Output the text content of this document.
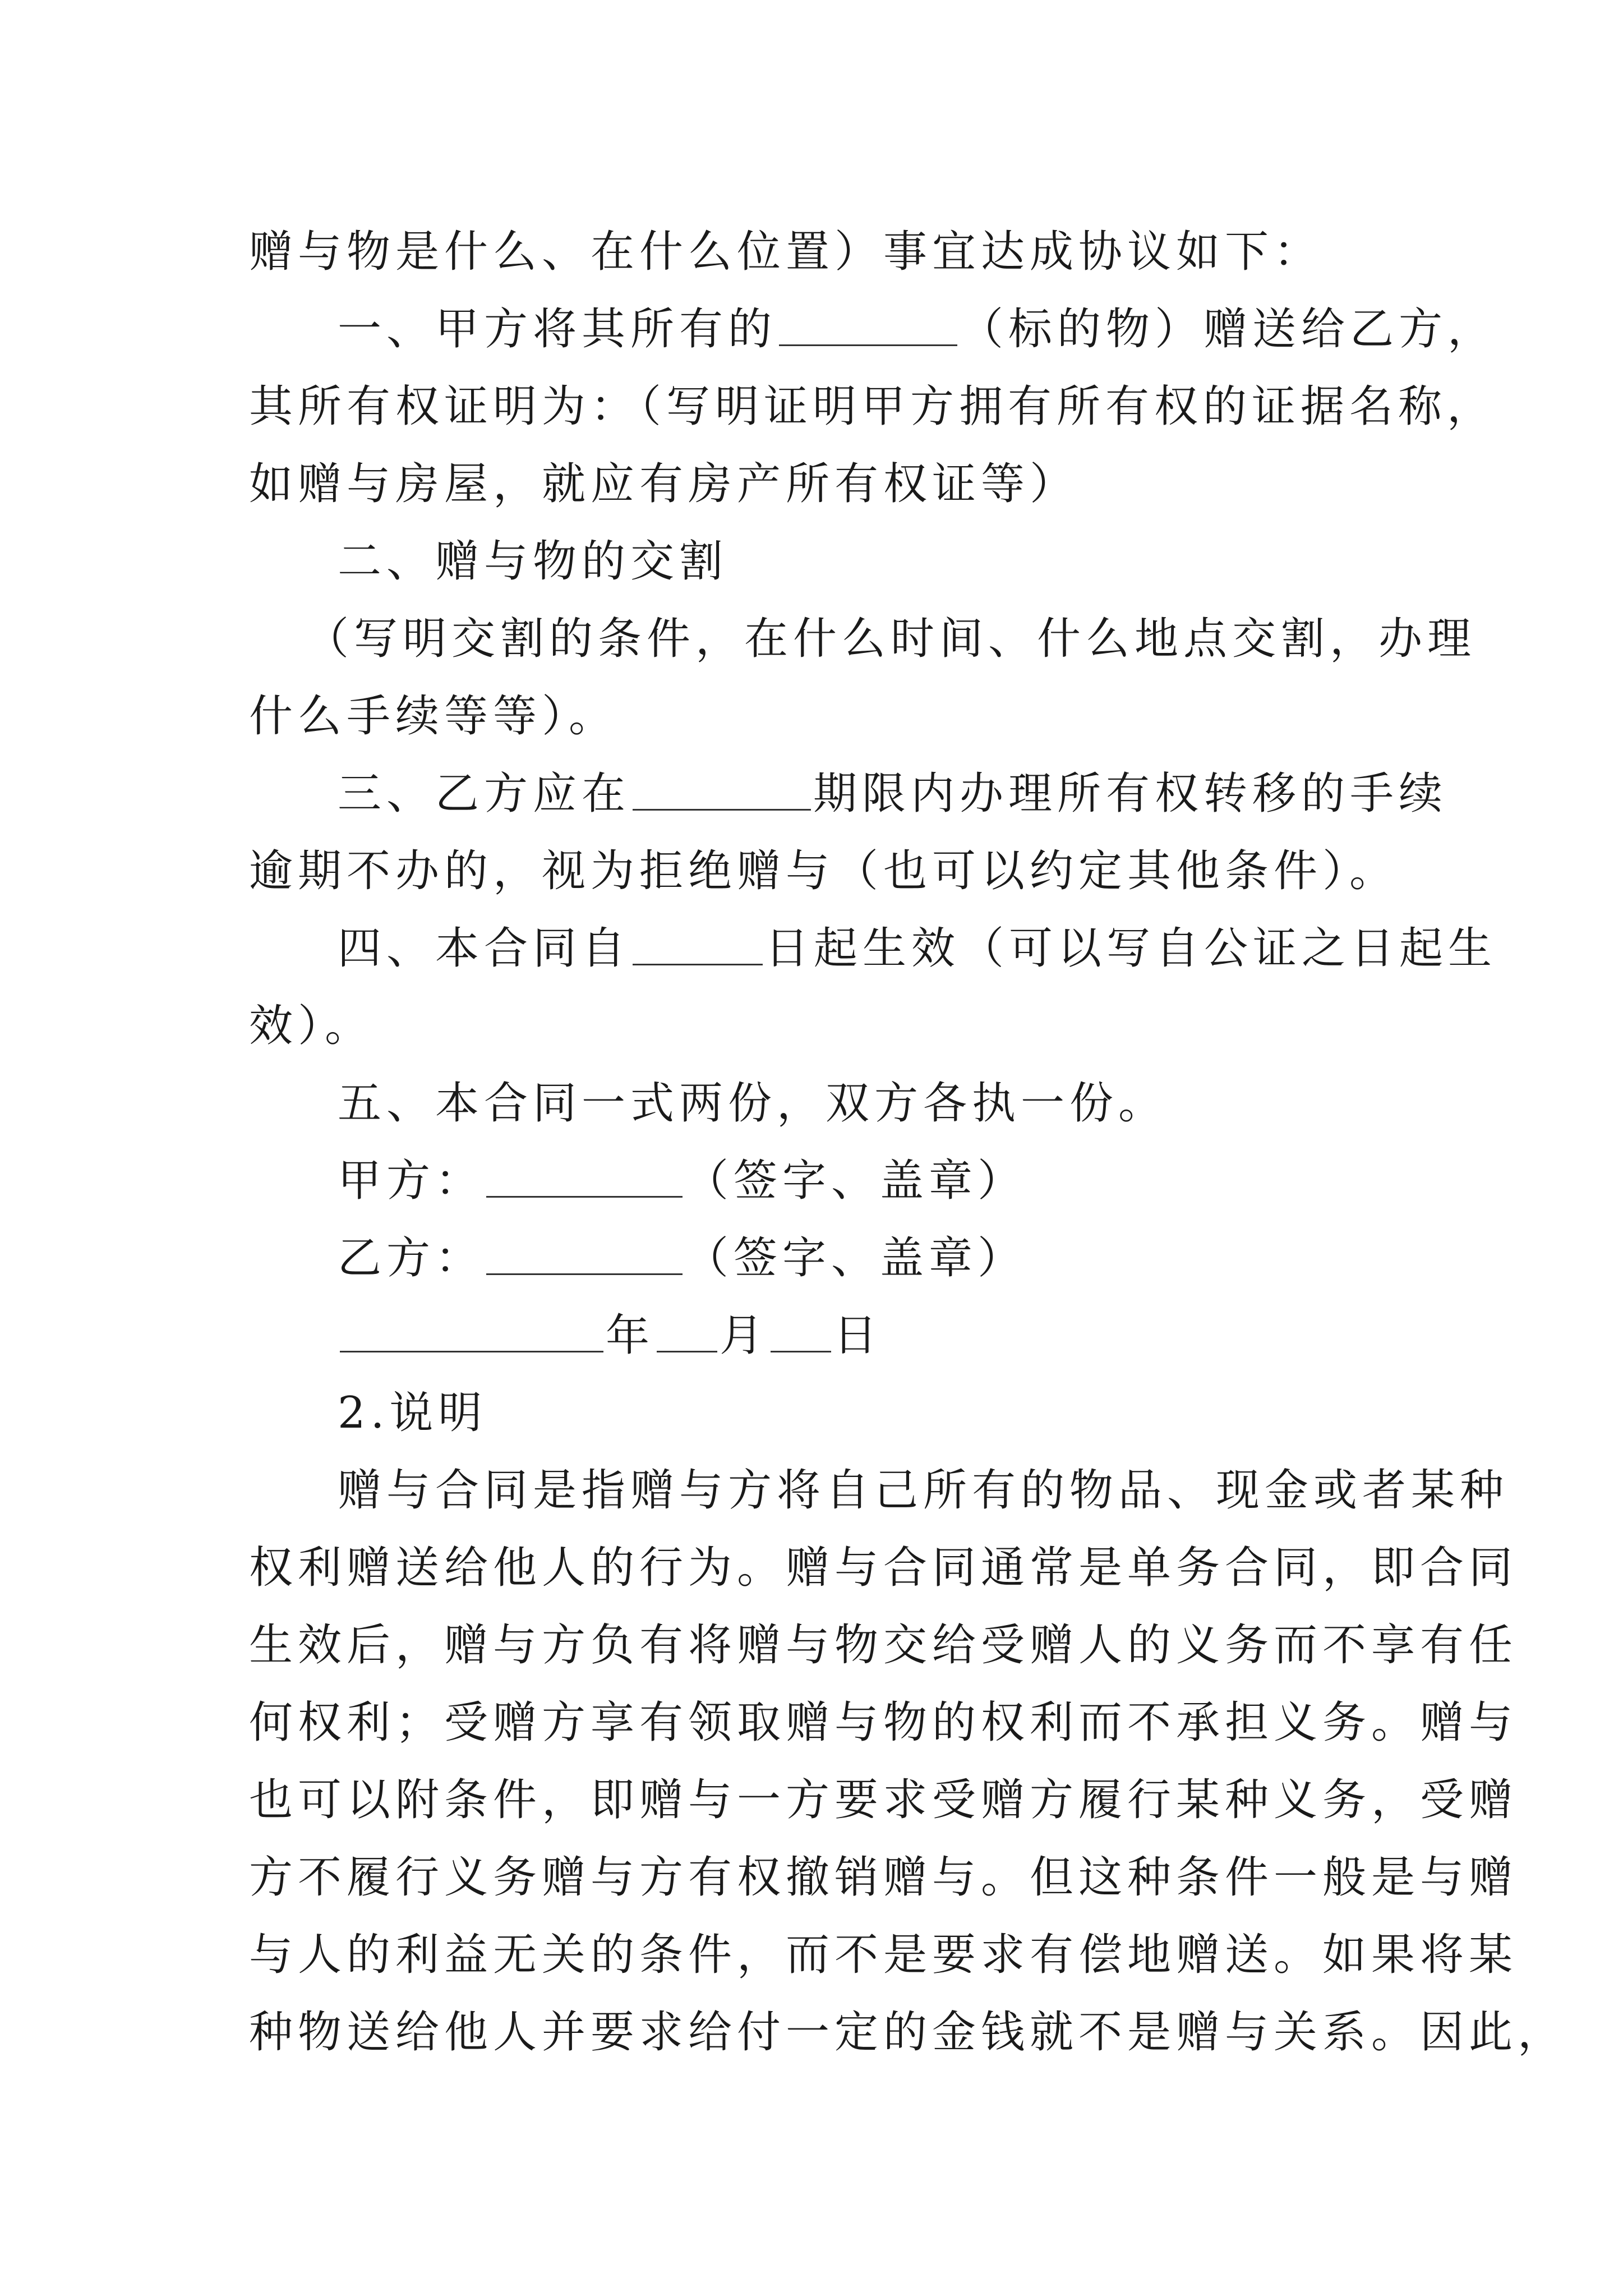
赠与物是什么、在什么位置）事宜达成协议如下：
一、甲方将其所有的	（标的物）赠送给乙方，
其所有权证明为：（写明证明甲方拥有所有权的证据名称，
如赠与房屋，就应有房产所有权证等）
二、赠与物的交割
（写明交割的条件，在什么时间、什么地点交割，办理
什么手续等等）。
三、乙方应在	期限内办理所有权转移的手续
逾期不办的，视为拒绝赠与（也可以约定其他条件）。
四、本合同自	日起生效（可以写自公证之日起生
效）。
五、本合同一式两份，双方各执一份。
甲方：	（签字、盖章）
乙方：	（签字、盖章）
年 月 日
2.说明
赠与合同是指赠与方将自己所有的物品、现金或者某种
权利赠送给他人的行为。赠与合同通常是单务合同，即合同
生效后，赠与方负有将赠与物交给受赠人的义务而不享有任
何权利；受赠方享有领取赠与物的权利而不承担义务。赠与
也可以附条件，即赠与一方要求受赠方履行某种义务，受赠
方不履行义务赠与方有权撤销赠与。但这种条件一般是与赠
与人的利益无关的条件，而不是要求有偿地赠送。如果将某
种物送给他人并要求给付一定的金钱就不是赠与关系。因此，
